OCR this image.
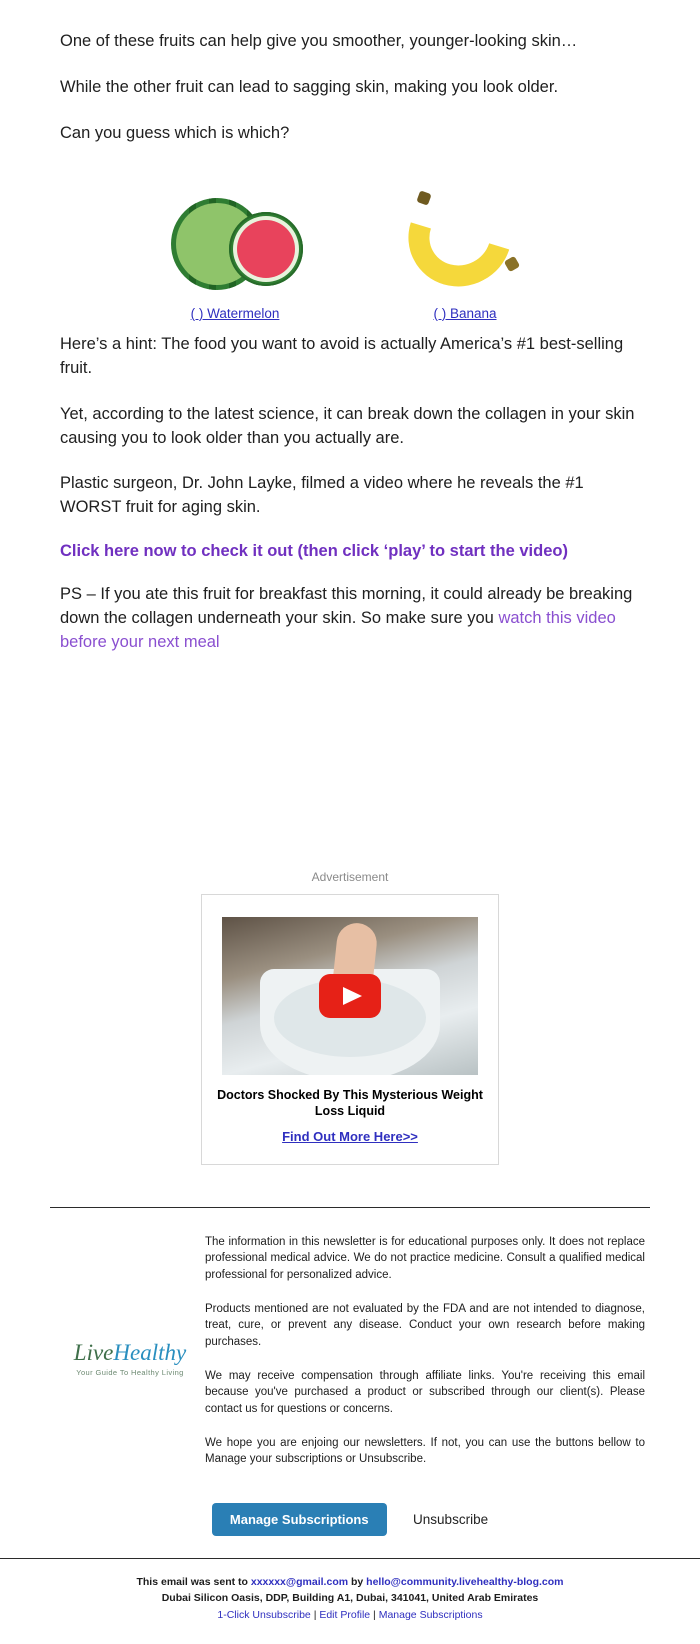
One of these fruits can help give you smoother, younger-looking skin…

While the other fruit can lead to sagging skin, making you look older.

Can you guess which is which?

( ) Watermelon	( ) Banana

Here’s a hint: The food you want to avoid is actually America’s #1 best-selling fruit.

Yet, according to the latest science, it can break down the collagen in your skin causing you to look older than you actually are.

Plastic surgeon, Dr. John Layke, filmed a video where he reveals the #1 WORST fruit for aging skin.

Click here now to check it out (then click ‘play’ to start the video)

PS – If you ate this fruit for breakfast this morning, it could already be breaking down the collagen underneath your skin. So make sure you watch this video before your next meal

Advertisement
Doctors Shocked By This Mysterious Weight Loss Liquid
Find Out More Here>>
LiveHealthy
Your Guide To Healthy Living

The information in this newsletter is for educational purposes only. It does not replace professional medical advice. We do not practice medicine. Consult a qualified medical professional for personalized advice.

Products mentioned are not evaluated by the FDA and are not intended to diagnose, treat, cure, or prevent any disease. Conduct your own research before making purchases.

We may receive compensation through affiliate links. You're receiving this email because you've purchased a product or subscribed through our client(s). Please contact us for questions or concerns.

We hope you are enjoing our newsletters. If not, you can use the buttons bellow to Manage your subscriptions or Unsubscribe.

Manage Subscriptions	Unsubscribe
This email was sent to xxxxxx@gmail.com by hello@community.livehealthy-blog.com
Dubai Silicon Oasis, DDP, Building A1, Dubai, 341041, United Arab Emirates
1-Click Unsubscribe | Edit Profile | Manage Subscriptions
